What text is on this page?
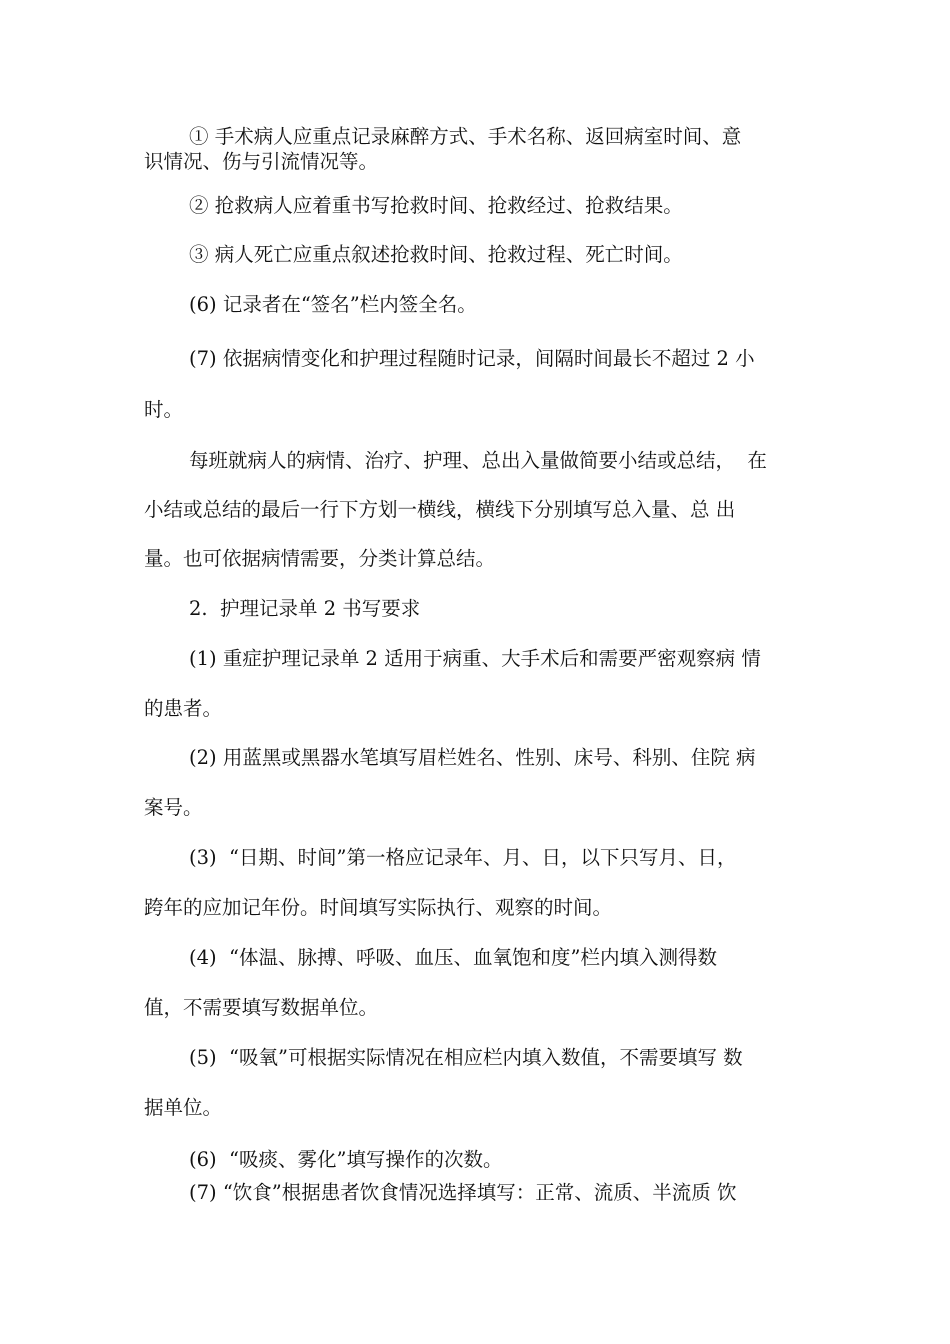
① 手术病人应重点记录麻醉方式、手术名称、返回病室时间、意
识情况、伤与引流情况等。
② 抢救病人应着重书写抢救时间、抢救经过、抢救结果。
③ 病人死亡应重点叙述抢救时间、抢救过程、死亡时间。
(6) 记录者在“签名”栏内签全名。
(7) 依据病情变化和护理过程随时记录，间隔时间最长不超过 2 小
时。
每班就病人的病情、治疗、护理、总出入量做简要小结或总结，  在
小结或总结的最后一行下方划一横线，横线下分别填写总入量、总 出
量。也可依据病情需要，分类计算总结。
2.  护理记录单 2 书写要求
(1) 重症护理记录单 2 适用于病重、大手术后和需要严密观察病 情
的患者。
(2) 用蓝黑或黑器水笔填写眉栏姓名、性别、床号、科别、住院 病
案号。
(3)  “日期、时间”第一格应记录年、月、日，以下只写月、日，
跨年的应加记年份。时间填写实际执行、观察的时间。
(4)  “体温、脉搏、呼吸、血压、血氧饱和度”栏内填入测得数
值，不需要填写数据单位。
(5)  “吸氧”可根据实际情况在相应栏内填入数值，不需要填写 数
据单位。
(6)  “吸痰、雾化”填写操作的次数。
(7) “饮食”根据患者饮食情况选择填写：正常、流质、半流质 饮
